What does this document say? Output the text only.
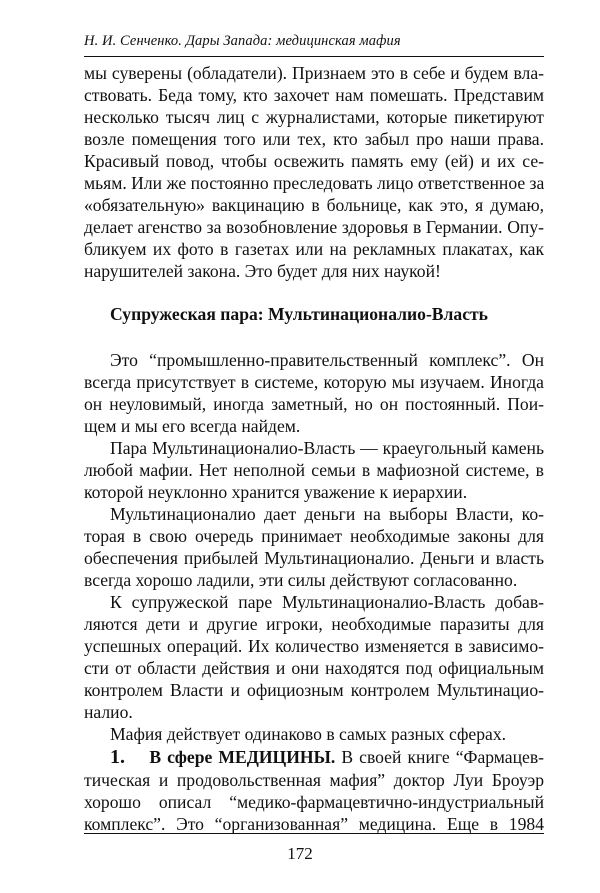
Н. И. Сенченко. Дары Запада: медицинская мафия
мы суверены (обладатели). Признаем это в себе и будем вла-
ствовать. Беда тому, кто захочет нам помешать. Представим
несколько тысяч лиц с журналистами, которые пикетируют
возле помещения того или тех, кто забыл про наши права.
Красивый повод, чтобы освежить память ему (ей) и их се-
мьям. Или же постоянно преследовать лицо ответственное за
«обязательную» вакцинацию в больнице, как это, я думаю,
делает агенство за возобновление здоровья в Германии. Опу-
бликуем их фото в газетах или на рекламных плакатах, как
нарушителей закона. Это будет для них наукой!
Супружеская пара: Мультинационалио-Власть
Это “промышленно-правительственный комплекс”. Он
всегда присутствует в системе, которую мы изучаем. Иногда
он неуловимый, иногда заметный, но он постоянный. Пои-
щем и мы его всегда найдем.
Пара Мультинационалио-Власть — краеугольный камень
любой мафии. Нет неполной семьи в мафиозной системе, в
которой неуклонно хранится уважение к иерархии.
Мультинационалио дает деньги на выборы Власти, ко-
торая в свою очередь принимает необходимые законы для
обеспечения прибылей Мультинационалио. Деньги и власть
всегда хорошо ладили, эти силы действуют согласованно.
К супружеской паре Мультинационалио-Власть добав-
ляются дети и другие игроки, необходимые паразиты для
успешных операций. Их количество изменяется в зависимо-
сти от области действия и они находятся под официальным
контролем Власти и официозным контролем Мультинацио-
налио.
Мафия действует одинаково в самых разных сферах.
1. В сфере МЕДИЦИНЫ. В своей книге “Фармацев-
тическая и продовольственная мафия” доктор Луи Броуэр
хорошо описал “медико-фармацевтично-индустриальный
комплекс”. Это “организованная” медицина. Еще в 1984
172
